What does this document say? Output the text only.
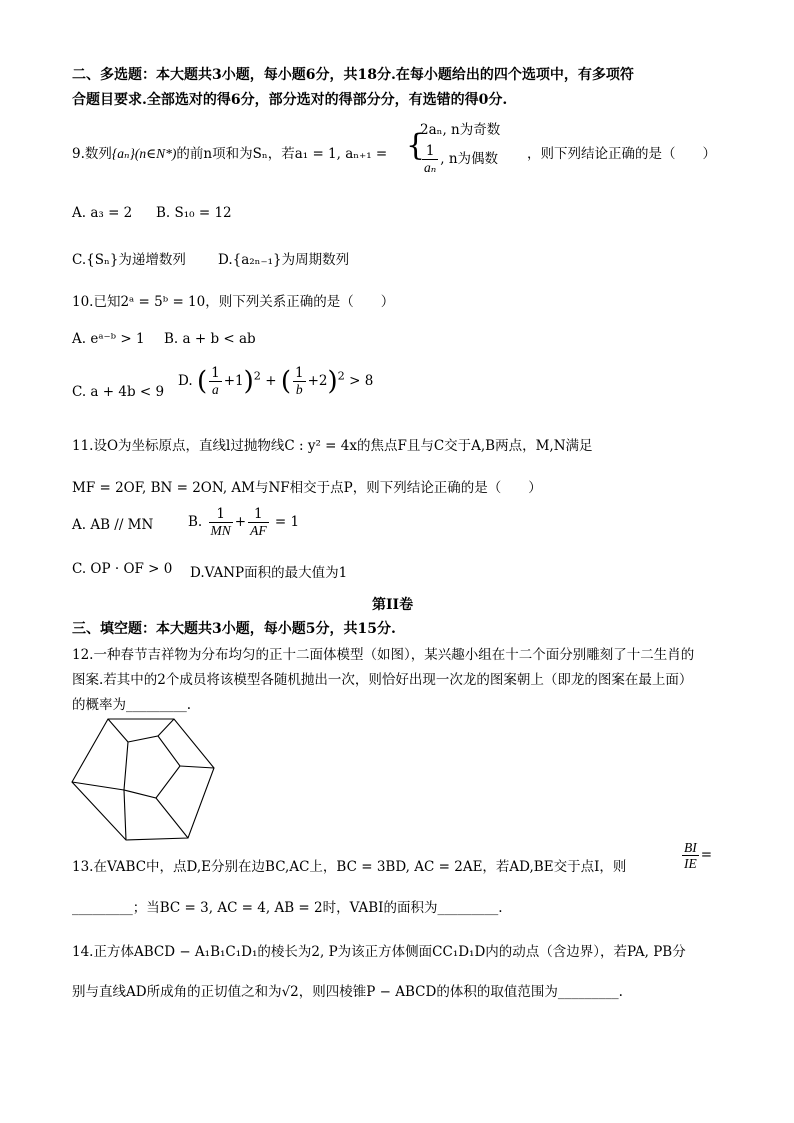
二、多选题：本大题共3小题，每小题6分，共18分.在每小题给出的四个选项中，有多项符
合题目要求.全部选对的得6分，部分选对的得部分分，有选错的得0分.
9.数列{aₙ}(n∈N*)的前n项和为Sₙ，若a₁ = 1, aₙ₊₁ = {
2aₙ, n为奇数
$\frac{1}{\text{aₙ}}$ , n为偶数 ，则下列结论正确的是（　　）
A. a₃ = 2 B. S₁₀ = 12
C.{Sₙ}为递增数列 D.{a₂ₙ₋₁}为周期数列
10.已知2ᵃ = 5ᵇ = 10，则下列关系正确的是（　　）
A. eᵃ⁻ᵇ > 1 B. a + b < ab
C. a + 4b < 9
D. ( $\frac{1}{a} +1)^2$ + ( $\frac{1}{b} +2)^2 > 8$
11.设O为坐标原点，直线l过抛物线C : y² = 4x的焦点F且与C交于A,B两点，M,N满足
MF = 2OF, BN = 2ON, AM与NF相交于点P，则下列结论正确的是（　　）
A. AB // MN	B. $\frac{1}{MN} + \frac{1}{AF} = 1$
C. OP · OF > 0 D.VANP面积的最大值为1
第II卷
三、填空题：本大题共3小题，每小题5分，共15分.
12.一种春节吉祥物为分布均匀的正十二面体模型（如图），某兴趣小组在十二个面分别雕刻了十二生肖的
图案.若其中的2个成员将该模型各随机抛出一次，则恰好出现一次龙的图案朝上（即龙的图案在最上面）
的概率为_________.
13.在VABC中，点D,E分别在边BC,AC上，BC = 3BD, AC = 2AE，若AD,BE交于点I，则	$\frac{BI}{IE}$ =
_________；当BC = 3, AC = 4, AB = 2时，VABI的面积为_________.
14.正方体ABCD − A₁B₁C₁D₁的棱长为2, P为该正方体侧面CC₁D₁D内的动点（含边界），若PA, PB分
别与直线AD所成角的正切值之和为√2，则四棱锥P − ABCD的体积的取值范围为_________.
